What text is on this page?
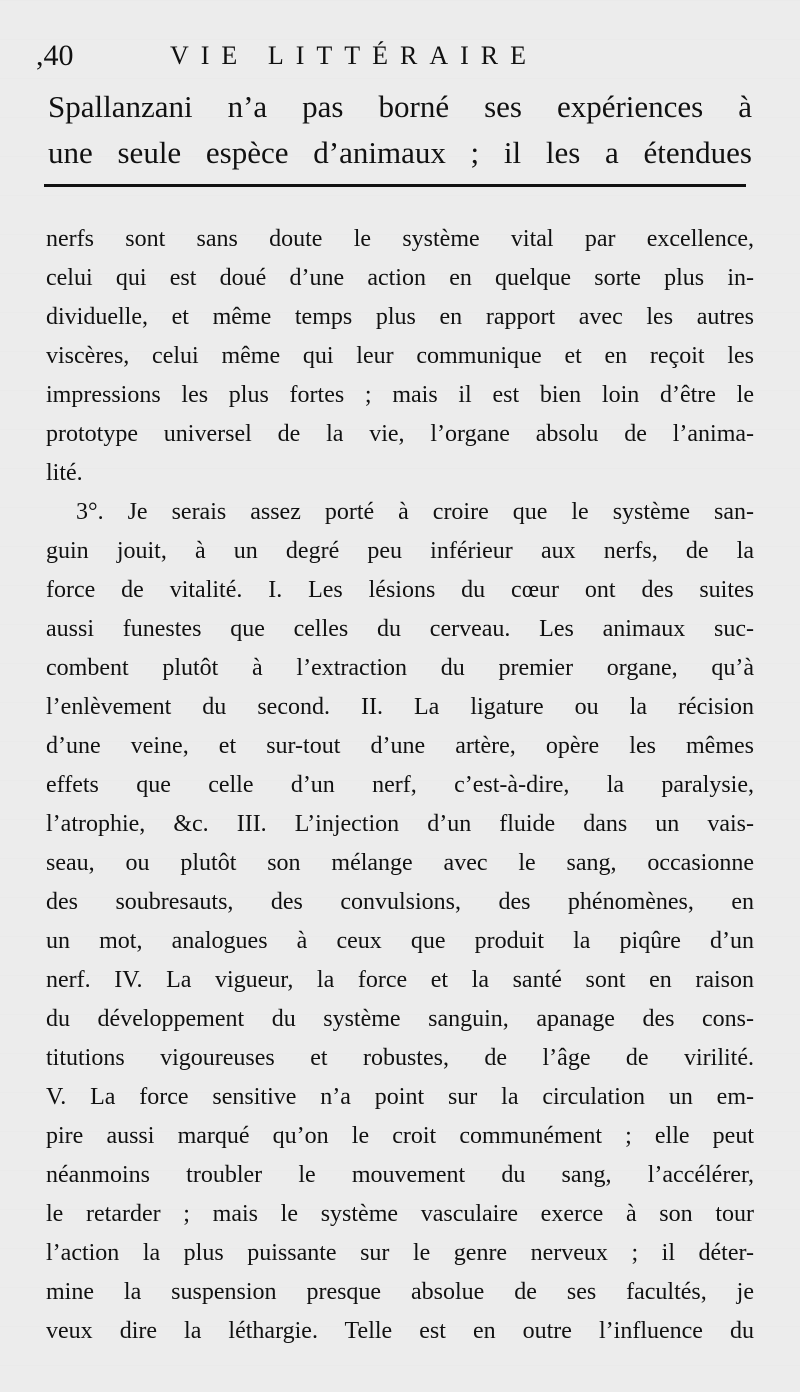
,40	VIE LITTÉRAIRE
Spallanzani n’a pas borné ses expériences à
une seule espèce d’animaux ; il les a étendues
nerfs sont sans doute le système vital par excellence,
celui qui est doué d’une action en quelque sorte plus in-
dividuelle, et même temps plus en rapport avec les autres
viscères, celui même qui leur communique et en reçoit les
impressions les plus fortes ; mais il est bien loin d’être le
prototype universel de la vie, l’organe absolu de l’anima-
lité.
3°. Je serais assez porté à croire que le système san-
guin jouit, à un degré peu inférieur aux nerfs, de la
force de vitalité. I. Les lésions du cœur ont des suites
aussi funestes que celles du cerveau. Les animaux suc-
combent plutôt à l’extraction du premier organe, qu’à
l’enlèvement du second. II. La ligature ou la récision
d’une veine, et sur-tout d’une artère, opère les mêmes
effets que celle d’un nerf, c’est-à-dire, la paralysie,
l’atrophie, &c. III. L’injection d’un fluide dans un vais-
seau, ou plutôt son mélange avec le sang, occasionne
des soubresauts, des convulsions, des phénomènes, en
un mot, analogues à ceux que produit la piqûre d’un
nerf. IV. La vigueur, la force et la santé sont en raison
du développement du système sanguin, apanage des cons-
titutions vigoureuses et robustes, de l’âge de virilité.
V. La force sensitive n’a point sur la circulation un em-
pire aussi marqué qu’on le croit communément ; elle peut
néanmoins troubler le mouvement du sang, l’accélérer,
le retarder ; mais le système vasculaire exerce à son tour
l’action la plus puissante sur le genre nerveux ; il déter-
mine la suspension presque absolue de ses facultés, je
veux dire la léthargie. Telle est en outre l’influence du
